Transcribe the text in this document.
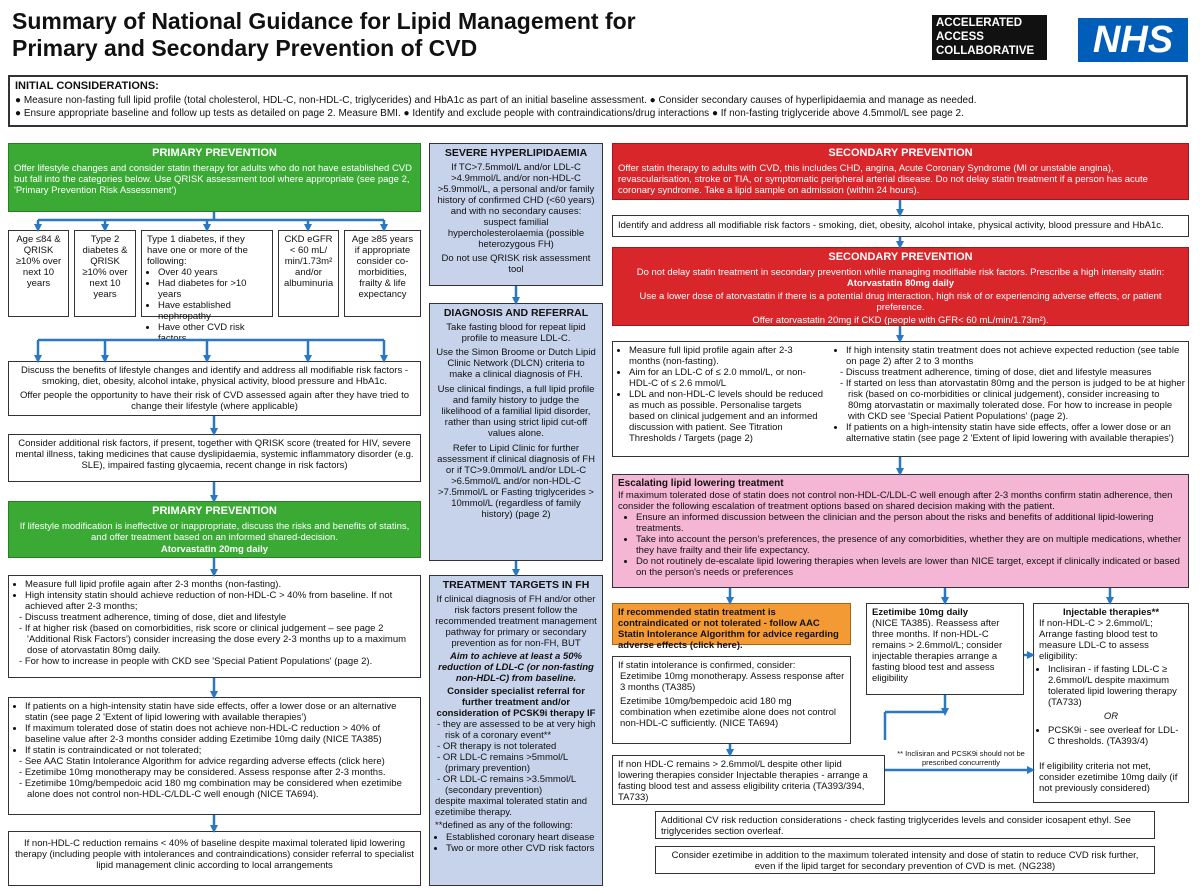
Summary of National Guidance for Lipid Management for
Primary and Secondary Prevention of CVD
ACCELERATED
ACCESS
COLLABORATIVE	NHS
INITIAL CONSIDERATIONS:
● Measure non-fasting full lipid profile (total cholesterol, HDL-C, non-HDL-C, triglycerides) and HbA1c as part of an initial baseline assessment. ● Consider secondary causes of hyperlipidaemia and manage as needed.
● Ensure appropriate baseline and follow up tests as detailed on page 2. Measure BMI. ● Identify and exclude people with contraindications/drug interactions ● If non-fasting triglyceride above 4.5mmol/L see page 2.
PRIMARY PREVENTION
Offer lifestyle changes and consider statin therapy for adults who do not have established CVD but fall into the categories below. Use QRISK assessment tool where appropriate (see page 2, 'Primary Prevention Risk Assessment')
Age ≤84 & QRISK ≥10% over next 10 years
Type 2 diabetes & QRISK ≥10% over next 10 years
Type 1 diabetes, if they have one or more of the following:
• Over 40 years
• Had diabetes for >10 years
• Have established nephropathy
• Have other CVD risk factors
CKD eGFR < 60 mL/ min/1.73m² and/or albuminuria
Age ≥85 years if appropriate consider co-morbidities, frailty & life expectancy
Discuss the benefits of lifestyle changes and identify and address all modifiable risk factors - smoking, diet, obesity, alcohol intake, physical activity, blood pressure and HbA1c.
Offer people the opportunity to have their risk of CVD assessed again after they have tried to change their lifestyle (where applicable)
Consider additional risk factors, if present, together with QRISK score (treated for HIV, severe mental illness, taking medicines that cause dyslipidaemia, systemic inflammatory disorder (e.g. SLE), impaired fasting glycaemia, recent change in risk factors)
PRIMARY PREVENTION
If lifestyle modification is ineffective or inappropriate, discuss the risks and benefits of statins, and offer treatment based on an informed shared-decision.
Atorvastatin 20mg daily
• Measure full lipid profile again after 2-3 months (non-fasting).
• High intensity statin should achieve reduction of non-HDL-C > 40% from baseline. If not achieved after 2-3 months;
- Discuss treatment adherence, timing of dose, diet and lifestyle
- If at higher risk (based on comorbidities, risk score or clinical judgement – see page 2 'Additional Risk Factors') consider increasing the dose every 2-3 months up to a maximum dose of atorvastatin 80mg daily.
- For how to increase in people with CKD see 'Special Patient Populations' (page 2).
• If patients on a high-intensity statin have side effects, offer a lower dose or an alternative statin (see page 2 'Extent of lipid lowering with available therapies')
• If maximum tolerated dose of statin does not achieve non-HDL-C reduction > 40% of baseline value after 2-3 months consider adding Ezetimibe 10mg daily (NICE TA385)
• If statin is contraindicated or not tolerated;
- See AAC Statin Intolerance Algorithm for advice regarding adverse effects (click here)
- Ezetimibe 10mg monotherapy may be considered. Assess response after 2-3 months.
- Ezetimibe 10mg/bempedoic acid 180 mg combination may be considered when ezetimibe alone does not control non-HDL-C/LDL-C well enough (NICE TA694).
If non-HDL-C reduction remains < 40% of baseline despite maximal tolerated lipid lowering therapy (including people with intolerances and contraindications) consider referral to specialist lipid management clinic according to local arrangements
SEVERE HYPERLIPIDAEMIA
If TC>7.5mmol/L and/or LDL-C >4.9mmol/L and/or non-HDL-C >5.9mmol/L, a personal and/or family history of confirmed CHD (<60 years) and with no secondary causes: suspect familial hypercholesterolaemia (possible heterozygous FH)
Do not use QRISK risk assessment tool
DIAGNOSIS AND REFERRAL
Take fasting blood for repeat lipid profile to measure LDL-C.
Use the Simon Broome or Dutch Lipid Clinic Network (DLCN) criteria to make a clinical diagnosis of FH.
Use clinical findings, a full lipid profile and family history to judge the likelihood of a familial lipid disorder, rather than using strict lipid cut-off values alone.
Refer to Lipid Clinic for further assessment if clinical diagnosis of FH or if TC>9.0mmol/L and/or LDL-C >6.5mmol/L and/or non-HDL-C >7.5mmol/L or Fasting triglycerides > 10mmol/L (regardless of family history) (page 2)
TREATMENT TARGETS IN FH
If clinical diagnosis of FH and/or other risk factors present follow the recommended treatment management pathway for primary or secondary prevention as for non-FH, BUT
Aim to achieve at least a 50% reduction of LDL-C (or non-fasting non-HDL-C) from baseline.
Consider specialist referral for further treatment and/or consideration of PCSK9i therapy IF
- they are assessed to be at very high risk of a coronary event**
- OR therapy is not tolerated
- OR LDL-C remains >5mmol/L (primary prevention)
- OR LDL-C remains >3.5mmol/L (secondary prevention)
despite maximal tolerated statin and ezetimibe therapy.
**defined as any of the following:
• Established coronary heart disease
• Two or more other CVD risk factors
SECONDARY PREVENTION
Offer statin therapy to adults with CVD, this includes CHD, angina, Acute Coronary Syndrome (MI or unstable angina), revascularisation, stroke or TIA, or symptomatic peripheral arterial disease. Do not delay statin treatment if a person has acute coronary syndrome. Take a lipid sample on admission (within 24 hours).
Identify and address all modifiable risk factors - smoking, diet, obesity, alcohol intake, physical activity, blood pressure and HbA1c.
SECONDARY PREVENTION
Do not delay statin treatment in secondary prevention while managing modifiable risk factors. Prescribe a high intensity statin:
Atorvastatin 80mg daily
Use a lower dose of atorvastatin if there is a potential drug interaction, high risk of or experiencing adverse effects, or patient preference.
Offer atorvastatin 20mg if CKD (people with GFR< 60 mL/min/1.73m²).
• Measure full lipid profile again after 2-3 months (non-fasting).
• Aim for an LDL-C of ≤ 2.0 mmol/L, or non-HDL-C of ≤ 2.6 mmol/L
• LDL and non-HDL-C levels should be reduced as much as possible. Personalise targets based on clinical judgement and an informed discussion with patient. See Titration Thresholds / Targets (page 2)
• If high intensity statin treatment does not achieve expected reduction (see table on page 2) after 2 to 3 months
- Discuss treatment adherence, timing of dose, diet and lifestyle measures
- If started on less than atorvastatin 80mg and the person is judged to be at higher risk (based on co-morbidities or clinical judgement), consider increasing to 80mg atorvastatin or maximally tolerated dose. For how to increase in people with CKD see 'Special Patient Populations' (page 2).
• If patients on a high-intensity statin have side effects, offer a lower dose or an alternative statin (see page 2 'Extent of lipid lowering with available therapies')
Escalating lipid lowering treatment
If maximum tolerated dose of statin does not control non-HDL-C/LDL-C well enough after 2-3 months confirm statin adherence, then consider the following escalation of treatment options based on shared decision making with the patient.
• Ensure an informed discussion between the clinician and the person about the risks and benefits of additional lipid-lowering treatments.
• Take into account the person's preferences, the presence of any comorbidities, whether they are on multiple medications, whether they have frailty and their life expectancy.
• Do not routinely de-escalate lipid lowering therapies when levels are lower than NICE target, except if clinically indicated or based on the person's needs or preferences
If recommended statin treatment is contraindicated or not tolerated - follow AAC Statin Intolerance Algorithm for advice regarding adverse effects (click here).
If statin intolerance is confirmed, consider:
Ezetimibe 10mg monotherapy. Assess response after 3 months (TA385)
Ezetimibe 10mg/bempedoic acid 180 mg combination when ezetimibe alone does not control non-HDL-C sufficiently. (NICE TA694)
Ezetimibe 10mg daily
(NICE TA385). Reassess after three months. If non-HDL-C remains > 2.6mmol/L; consider injectable therapies arrange a fasting blood test and assess eligibility
** Inclisiran and PCSK9i should not be prescribed concurrently
Injectable therapies**
If non-HDL-C > 2.6mmol/L; Arrange fasting blood test to measure LDL-C to assess eligibility:
• Inclisiran - if fasting LDL-C ≥ 2.6mmol/L despite maximum tolerated lipid lowering therapy (TA733)
OR
• PCSK9i - see overleaf for LDL-C thresholds. (TA393/4)
If eligibility criteria not met, consider ezetimibe 10mg daily (if not previously considered)
If non HDL-C remains > 2.6mmol/L despite other lipid lowering therapies consider Injectable therapies - arrange a fasting blood test and assess eligibility criteria (TA393/394, TA733)
Additional CV risk reduction considerations - check fasting triglycerides levels and consider icosapent ethyl. See triglycerides section overleaf.
Consider ezetimibe in addition to the maximum tolerated intensity and dose of statin to reduce CVD risk further, even if the lipid target for secondary prevention of CVD is met. (NG238)
